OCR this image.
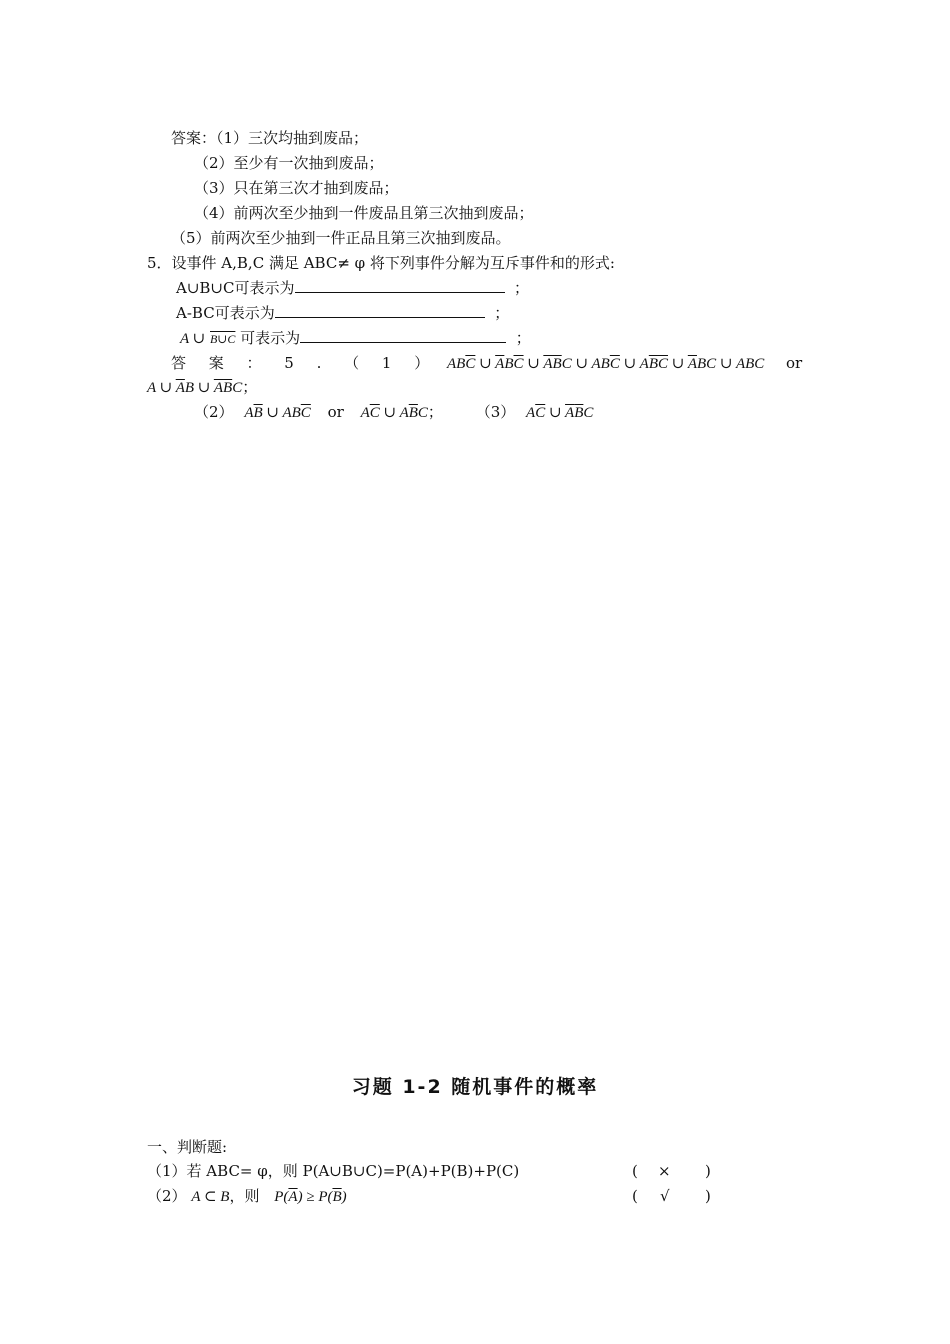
答案：（1）三次均抽到废品；
（2）至少有一次抽到废品；
（3）只在第三次才抽到废品；
（4）前两次至少抽到一件废品且第三次抽到废品；
（5）前两次至少抽到一件正品且第三次抽到废品。
5．设事件 A,B,C 满足 ABC≠ φ 将下列事件分解为互斥事件和的形式:
A∪B∪C可表示为	；
A-BC可表示为	；
A ∪ B∪C 可表示为	；
答 案 ： 5 . （ 1 ） $AB\overline{C}$ ∪ $\overline{A}B\overline{C}$ ∪ $\overline{A}\overline{B}C$ ∪ $AB\overline{C}$ ∪ $A\overline{B}\overline{C}$ ∪ $\overline{A}BC$ ∪ ABC or
A ∪ $\overline{A}B$ ∪ $\overline{A}\overline{B}C$；
（2） $A\overline{B}$ ∪ $AB\overline{C}$ or $A\overline{C}$ ∪ $A\overline{B}C$； （3） $A\overline{C}$ ∪ $\overline{A}\overline{B}C$
习题 1-2 随机事件的概率
一、判断题:
（1）若 ABC= φ，则 P(A∪B∪C)=P(A)+P(B)+P(C)	( × )
（2） A ⊂ B，则 $P(\overline{A}) \ge P(\overline{B})$	( √ )
